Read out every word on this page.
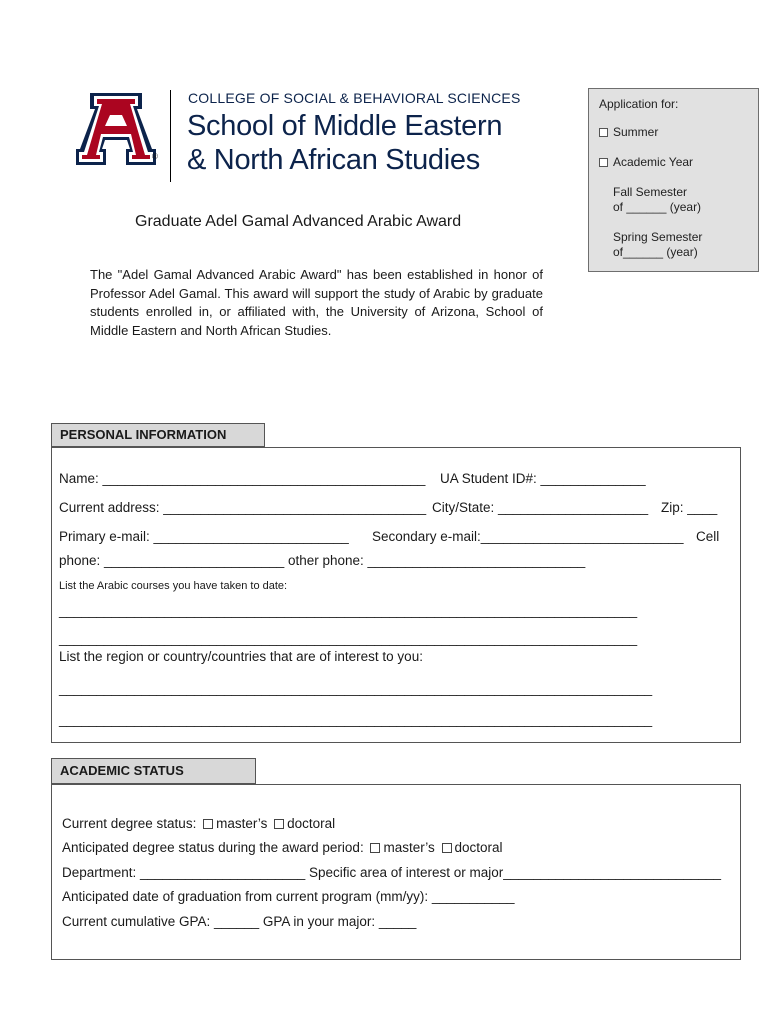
®
COLLEGE OF SOCIAL & BEHAVIORAL SCIENCES
School of Middle Eastern
& North African Studies
Application for:
Summer
Academic Year
Fall Semester
of ______ (year)
Spring Semester
of______ (year)
Graduate Adel Gamal Advanced Arabic Award
The "Adel Gamal Advanced Arabic Award" has been established in honor of Professor Adel Gamal. This award will support the study of Arabic by graduate students enrolled in, or affiliated with, the University of Arizona, School of Middle Eastern and North African Studies.
PERSONAL INFORMATION
Name: ___________________________________________ UA Student ID#: ______________
Current address: ___________________________________ City/State: ____________________ Zip: ____
Primary e-mail: __________________________ Secondary e-mail:___________________________ Cell
phone: ________________________ other phone: _____________________________
List the Arabic courses you have taken to date:
_____________________________________________________________________________
_____________________________________________________________________________
List the region or country/countries that are of interest to you:
_______________________________________________________________________________
_______________________________________________________________________________
ACADEMIC STATUS
Current degree status: master’s doctoral
Anticipated degree status during the award period: master’s doctoral
Department: ______________________ Specific area of interest or major_____________________________
Anticipated date of graduation from current program (mm/yy): ___________
Current cumulative GPA: ______ GPA in your major: _____
